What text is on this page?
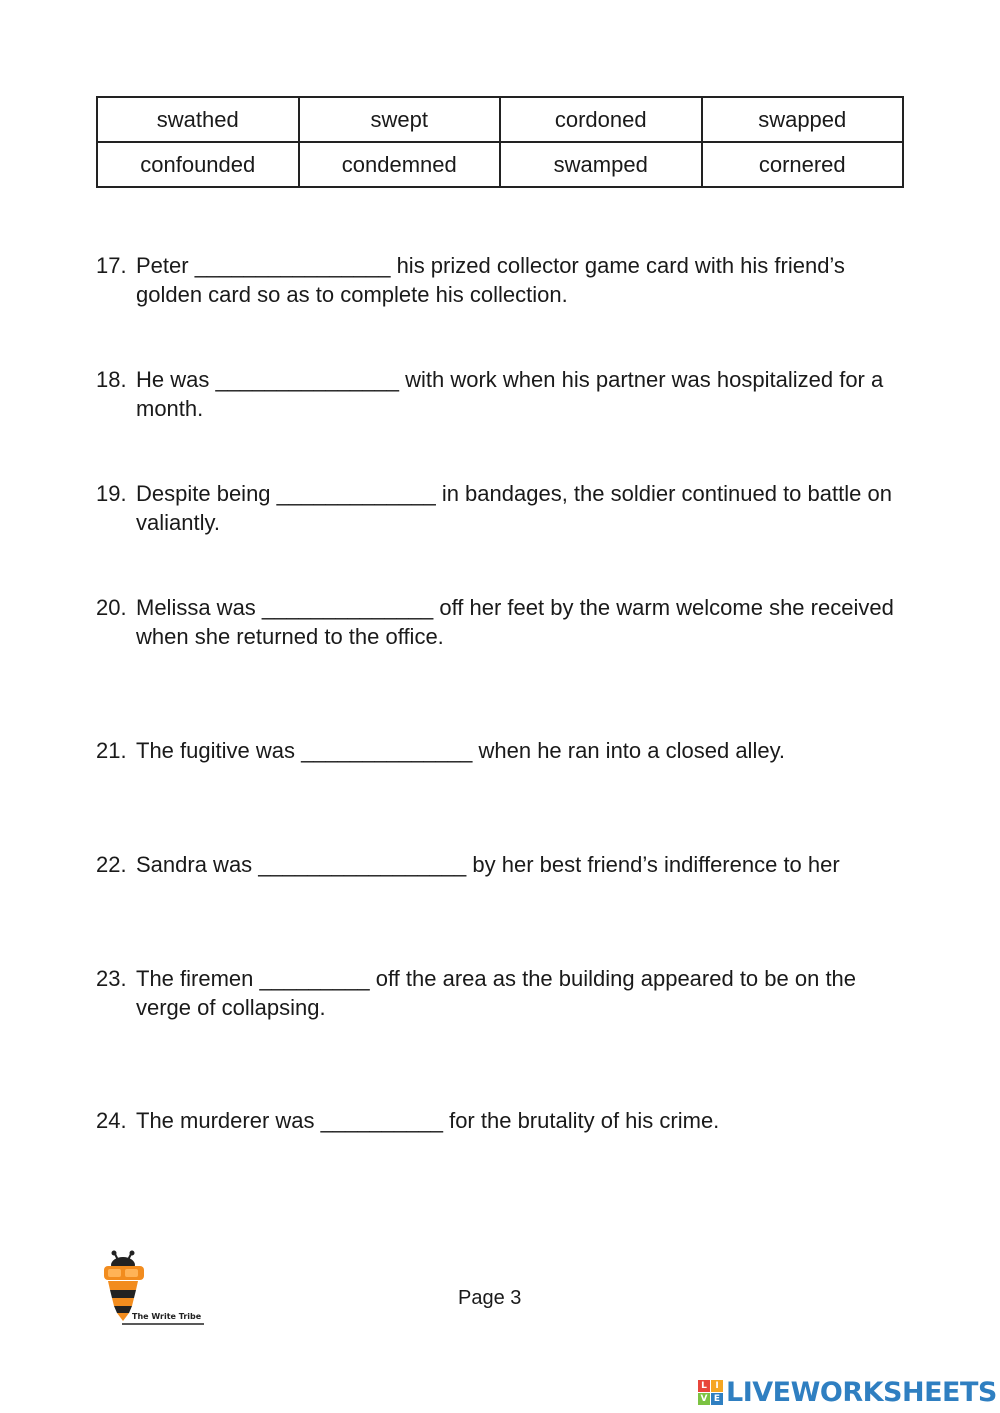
swathed	swept	cordoned	swapped
confounded	condemned	swamped	cornered
17. Peter ________________ his prized collector game card with his friend’s golden card so as to complete his collection.
18. He was _______________ with work when his partner was hospitalized for a month.
19. Despite being _____________ in bandages, the soldier continued to battle on valiantly.
20. Melissa was ______________ off her feet by the warm welcome she received when she returned to the office.
21. The fugitive was ______________ when he ran into a closed alley.
22. Sandra was _________________ by her best friend’s indifference to her
23. The firemen _________ off the area as the building appeared to be on the verge of collapsing.
24. The murderer was __________ for the brutality of his crime.
The Write Tribe
Page 3
L I
V E LIVEWORKSHEETS
